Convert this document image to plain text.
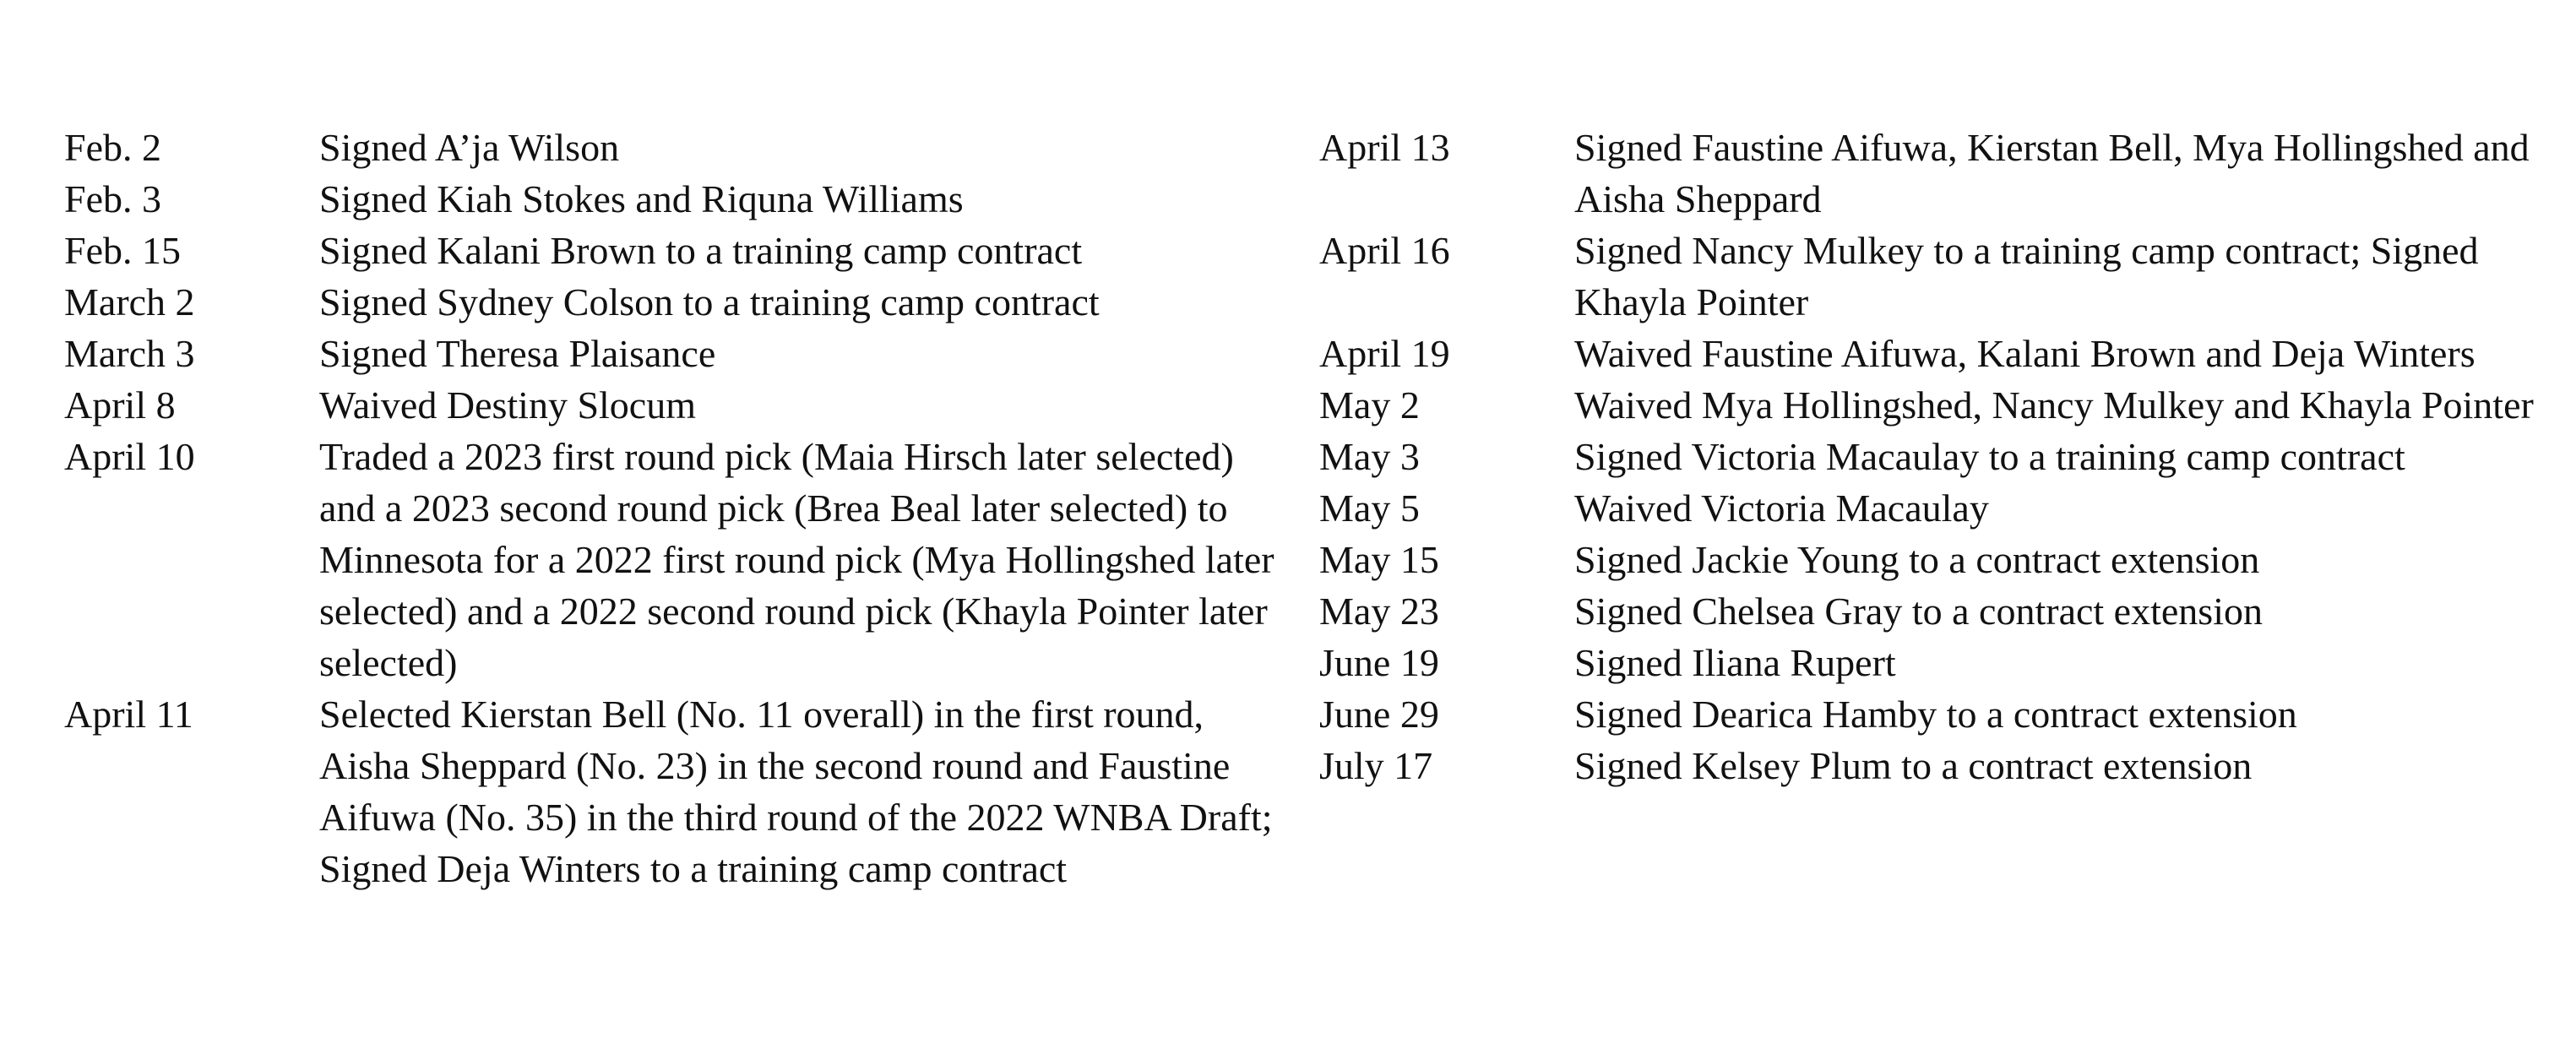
Feb. 2	Signed A’ja Wilson
Feb. 3	Signed Kiah Stokes and Riquna Williams
Feb. 15	Signed Kalani Brown to a training camp contract
March 2	Signed Sydney Colson to a training camp contract
March 3	Signed Theresa Plaisance
April 8	Waived Destiny Slocum
April 10	Traded a 2023 first round pick (Maia Hirsch later selected) and a 2023 second round pick (Brea Beal later selected) to Minnesota for a 2022 first round pick (Mya Hollingshed later selected) and a 2022 second round pick (Khayla Pointer later selected)
April 11	Selected Kierstan Bell (No. 11 overall) in the first round, Aisha Sheppard (No. 23) in the second round and Faustine Aifuwa (No. 35) in the third round of the 2022 WNBA Draft; Signed Deja Winters to a training camp contract
April 13	Signed Faustine Aifuwa, Kierstan Bell, Mya Hollingshed and Aisha Sheppard
April 16	Signed Nancy Mulkey to a training camp contract; Signed Khayla Pointer
April 19	Waived Faustine Aifuwa, Kalani Brown and Deja Winters
May 2	Waived Mya Hollingshed, Nancy Mulkey and Khayla Pointer
May 3	Signed Victoria Macaulay to a training camp contract
May 5	Waived Victoria Macaulay
May 15	Signed Jackie Young to a contract extension
May 23	Signed Chelsea Gray to a contract extension
June 19	Signed Iliana Rupert
June 29	Signed Dearica Hamby to a contract extension
July 17	Signed Kelsey Plum to a contract extension
